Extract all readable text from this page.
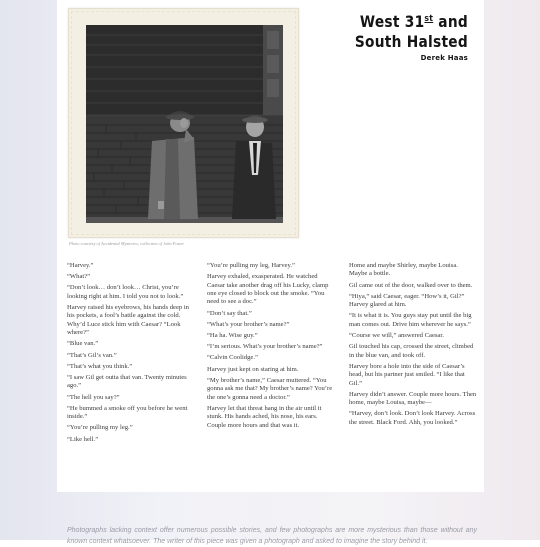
Photo courtesy of Accidental Mysteries, collection of John Foster
West 31st and
South Halsted
Derek Haas

“Harvey.”

“What?”

“Don’t look… don’t look… Christ, you’re looking right at him. I told you not to look.”

Harvey raised his eyebrows, his hands deep in his pockets, a fool’s battle against the cold. Why’d Luce stick him with Caesar? “Look where?”

“Blue van.”

“That’s Gil’s van.”

“That’s what you think.”

“I saw Gil get outta that van. Twenty minutes ago.”

“The hell you say?”

“He bummed a smoke off you before he went inside.”

“You’re pulling my leg.”

“Like hell.”

“You’re pulling my leg, Harvey.”

Harvey exhaled, exasperated. He watched Caesar take another drag off his Lucky, clamp one eye closed to block out the smoke. “You need to see a doc.”

“Don’t say that.”

“What’s your brother’s name?”

“Ha ha. Wise guy.”

“I’m serious. What’s your brother’s name?”

“Calvin Coolidge.”

Harvey just kept on staring at him.

“My brother’s name,” Caesar muttered. “You gonna ask me that? My brother’s name? You’re the one’s gonna need a doctor.”

Harvey let that threat hang in the air until it stunk. His hands ached, his nose, his ears. Couple more hours and that was it.

Home and maybe Shirley, maybe Louisa. Maybe a bottle.

Gil came out of the door, walked over to them.

“Hiya,” said Caesar, eager. “How’s it, Gil?” Harvey glared at him.

“It is what it is. You guys stay put until the big man comes out. Drive him wherever he says.”

“Course we will,” answered Caesar.

Gil touched his cap, crossed the street, climbed in the blue van, and took off.

Harvey bore a hole into the side of Caesar’s head, but his partner just smiled. “I like that Gil.”

Harvey didn’t answer. Couple more hours. Then home, maybe Louisa, maybe—

“Harvey, don’t look. Don’t look Harvey. Across the street. Black Ford. Ahh, you looked.”

Photographs lacking context offer numerous possible stories, and few photographs are more mysterious than those without any known context whatsoever. The writer of this piece was given a photograph and asked to imagine the story behind it.
